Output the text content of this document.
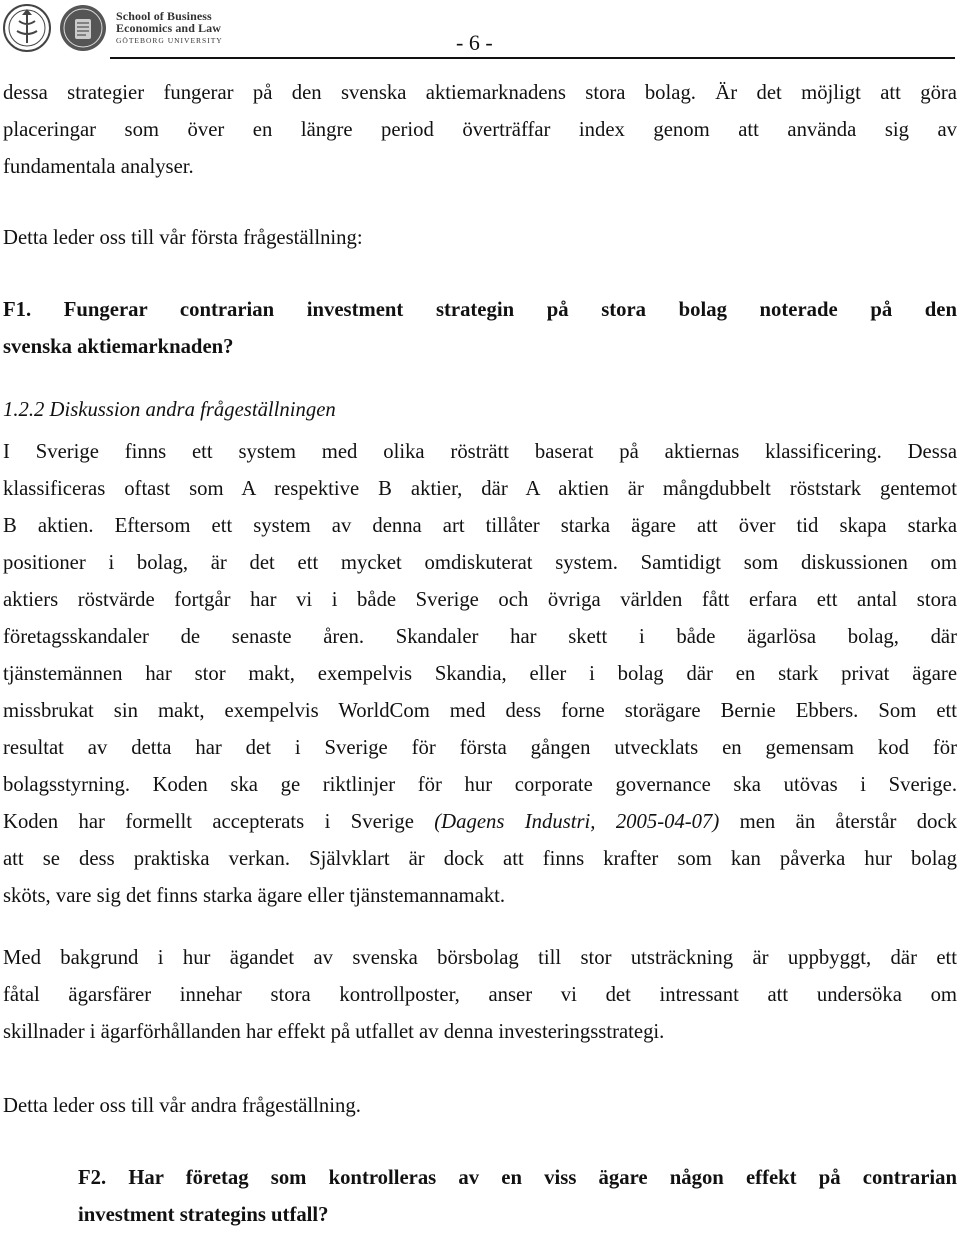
School of Business
Economics and Law
GÖTEBORG UNIVERSITY	- 6 -
dessa strategier fungerar på den svenska aktiemarknadens stora bolag. Är det möjligt att göra
placeringar som över en längre period överträffar index genom att använda sig av
fundamentala analyser.
Detta leder oss till vår första frågeställning:
F1. Fungerar contrarian investment strategin på stora bolag noterade på den
svenska aktiemarknaden?
1.2.2 Diskussion andra frågeställningen
I Sverige finns ett system med olika rösträtt baserat på aktiernas klassificering. Dessa
klassificeras oftast som A respektive B aktier, där A aktien är mångdubbelt röststark gentemot
B aktien. Eftersom ett system av denna art tillåter starka ägare att över tid skapa starka
positioner i bolag, är det ett mycket omdiskuterat system. Samtidigt som diskussionen om
aktiers röstvärde fortgår har vi i både Sverige och övriga världen fått erfara ett antal stora
företagsskandaler de senaste åren. Skandaler har skett i både ägarlösa bolag, där
tjänstemännen har stor makt, exempelvis Skandia, eller i bolag där en stark privat ägare
missbrukat sin makt, exempelvis WorldCom med dess forne storägare Bernie Ebbers. Som ett
resultat av detta har det i Sverige för första gången utvecklats en gemensam kod för
bolagsstyrning. Koden ska ge riktlinjer för hur corporate governance ska utövas i Sverige.
Koden har formellt accepterats i Sverige (Dagens Industri, 2005-04-07) men än återstår dock
att se dess praktiska verkan. Självklart är dock att finns krafter som kan påverka hur bolag
sköts, vare sig det finns starka ägare eller tjänstemannamakt.
Med bakgrund i hur ägandet av svenska börsbolag till stor utsträckning är uppbyggt, där ett
fåtal ägarsfärer innehar stora kontrollposter, anser vi det intressant att undersöka om
skillnader i ägarförhållanden har effekt på utfallet av denna investeringsstrategi.
Detta leder oss till vår andra frågeställning.
F2. Har företag som kontrolleras av en viss ägare någon effekt på contrarian
investment strategins utfall?
